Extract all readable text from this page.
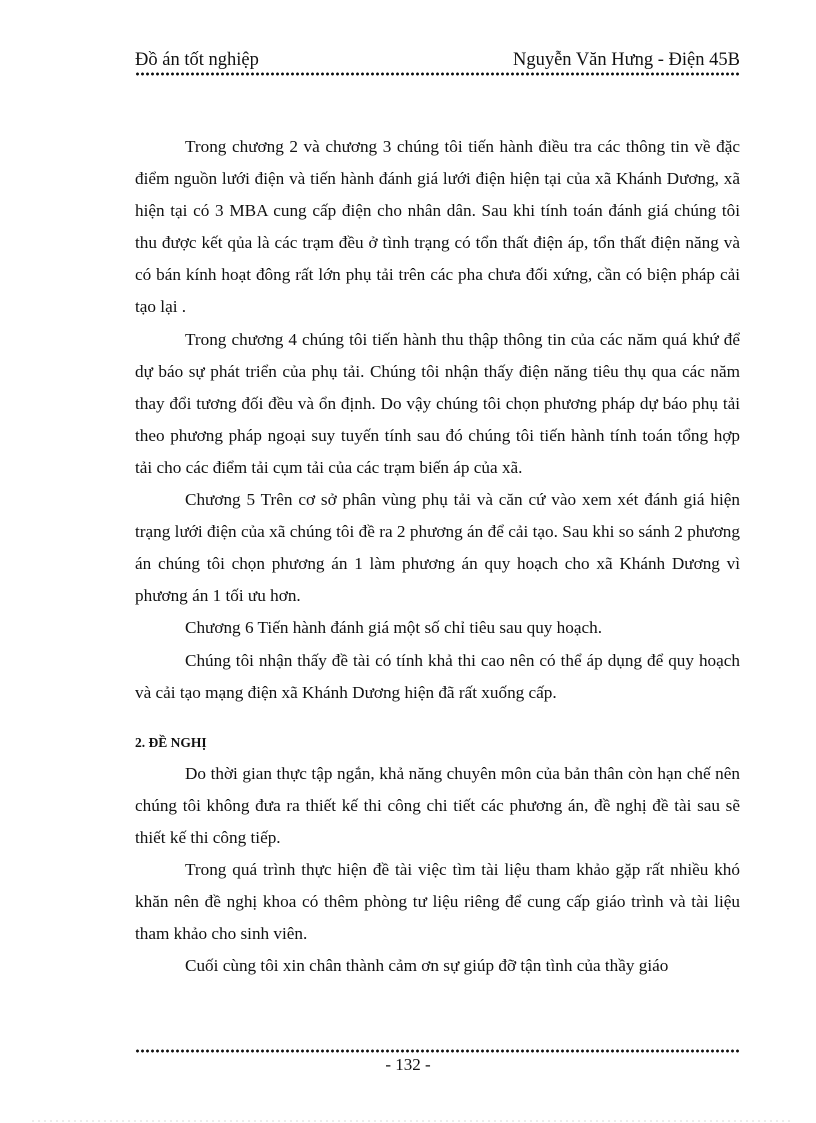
Đồ án tốt nghiệp	Nguyễn Văn Hưng - Điện 45B

Trong chương 2 và chương 3 chúng tôi tiến hành điều tra các thông tin về đặc điểm nguồn lưới điện và tiến hành đánh giá lưới điện hiện tại của xã Khánh Dương, xã hiện tại có 3 MBA cung cấp điện cho nhân dân. Sau khi tính toán đánh giá chúng tôi thu được kết qủa là các trạm đều ở tình trạng có tổn thất điện áp, tổn thất điện năng và có bán kính hoạt đông rất lớn phụ tải trên các pha chưa đối xứng, cần có biện pháp cải tạo lại .

Trong chương 4 chúng tôi tiến hành thu thập thông tin của các năm quá khứ để dự báo sự phát triển của phụ tải. Chúng tôi nhận thấy điện năng tiêu thụ qua các năm thay đổi tương đối đều và ổn định. Do vậy chúng tôi chọn phương pháp dự báo phụ tải theo phương pháp ngoại suy tuyến tính sau đó chúng tôi tiến hành tính toán tổng hợp tải cho các điểm tải cụm tải của các trạm biến áp của xã.

Chương 5 Trên cơ sở phân vùng phụ tải và căn cứ vào xem xét đánh giá hiện trạng lưới điện của xã chúng tôi đề ra 2 phương án để cải tạo. Sau khi so sánh 2 phương án chúng tôi chọn phương án 1 làm phương án quy hoạch cho xã Khánh Dương vì phương án 1 tối ưu hơn.

Chương 6 Tiến hành đánh giá một số chỉ tiêu sau quy hoạch.

Chúng tôi nhận thấy đề tài có tính khả thi cao nên có thể áp dụng để quy hoạch và cải tạo mạng điện xã Khánh Dương hiện đã rất xuống cấp.

2. ĐỀ NGHỊ

Do thời gian thực tập ngắn, khả năng chuyên môn của bản thân còn hạn chế nên chúng tôi không đưa ra thiết kế thi công chi tiết các phương án, đề nghị đề tài sau sẽ thiết kế thi công tiếp.

Trong quá trình thực hiện đề tài việc tìm tài liệu tham khảo gặp rất nhiều khó khăn nên đề nghị khoa có thêm phòng tư liệu riêng để cung cấp giáo trình và tài liệu tham khảo cho sinh viên.

Cuối cùng tôi xin chân thành cảm ơn sự giúp đỡ tận tình của thầy giáo

- 132 -
